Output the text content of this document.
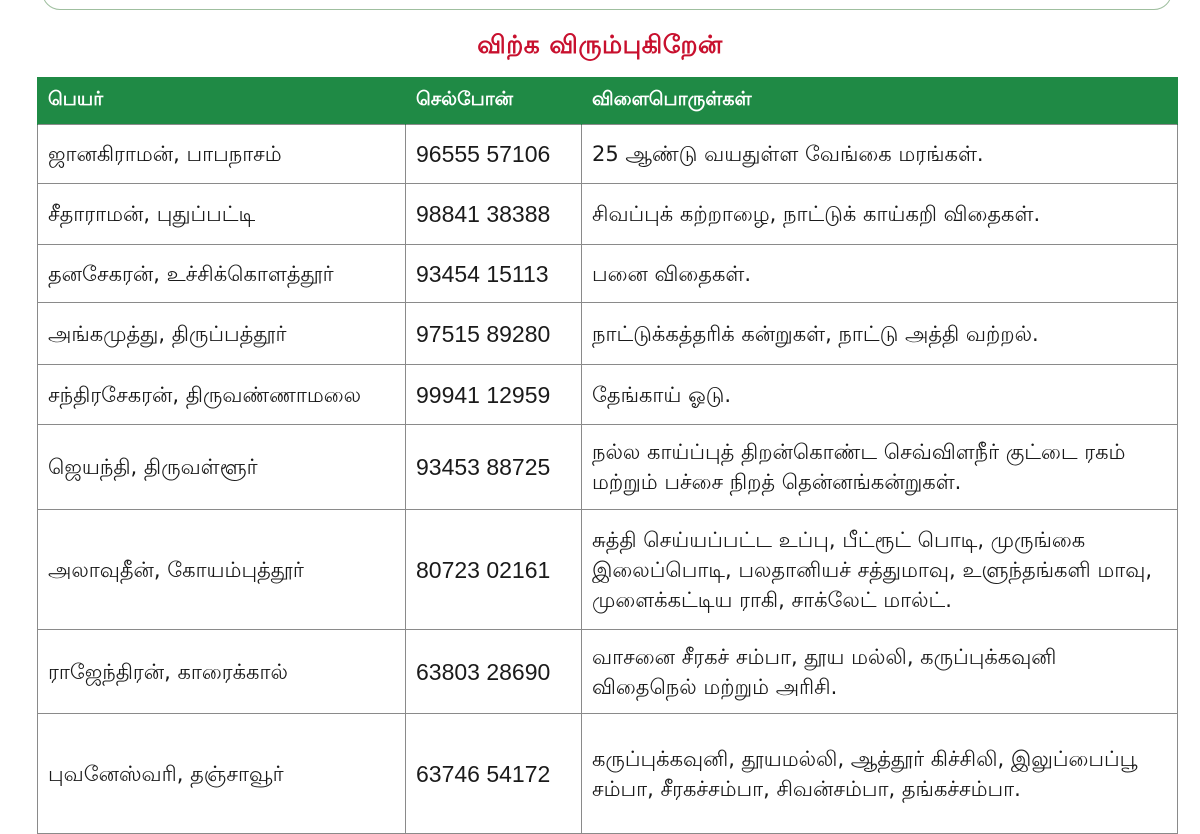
விற்க விரும்புகிறேன்
பெயர்	செல்போன்	விளைபொருள்கள்
ஜானகிராமன், பாபநாசம்	96555 57106	25 ஆண்டு வயதுள்ள வேங்கை மரங்கள்.
சீதாராமன், புதுப்பட்டி	98841 38388	சிவப்புக் கற்றாழை, நாட்டுக் காய்கறி விதைகள்.
தனசேகரன், உச்சிக்கொளத்தூர்	93454 15113	பனை விதைகள்.
அங்கமுத்து, திருப்பத்தூர்	97515 89280	நாட்டுக்கத்தரிக் கன்றுகள், நாட்டு அத்தி வற்றல்.
சந்திரசேகரன், திருவண்ணாமலை	99941 12959	தேங்காய் ஓடு.
ஜெயந்தி, திருவள்ளூர்	93453 88725	நல்ல காய்ப்புத் திறன்கொண்ட செவ்விளநீர் குட்டை ரகம் மற்றும் பச்சை நிறத் தென்னங்கன்றுகள்.
அலாவுதீன், கோயம்புத்தூர்	80723 02161	சுத்தி செய்யப்பட்ட உப்பு, பீட்ரூட் பொடி, முருங்கை இலைப்பொடி, பலதானியச் சத்துமாவு, உளுந்தங்களி மாவு, முளைக்கட்டிய ராகி, சாக்லேட் மால்ட்.
ராஜேந்திரன், காரைக்கால்	63803 28690	வாசனை சீரகச் சம்பா, தூய மல்லி, கருப்புக்கவுனி விதைநெல் மற்றும் அரிசி.
புவனேஸ்வரி, தஞ்சாவூர்	63746 54172	கருப்புக்கவுனி, தூயமல்லி, ஆத்தூர் கிச்சிலி, இலுப்பைப்பூ சம்பா, சீரகச்சம்பா, சிவன்சம்பா, தங்கச்சம்பா.
